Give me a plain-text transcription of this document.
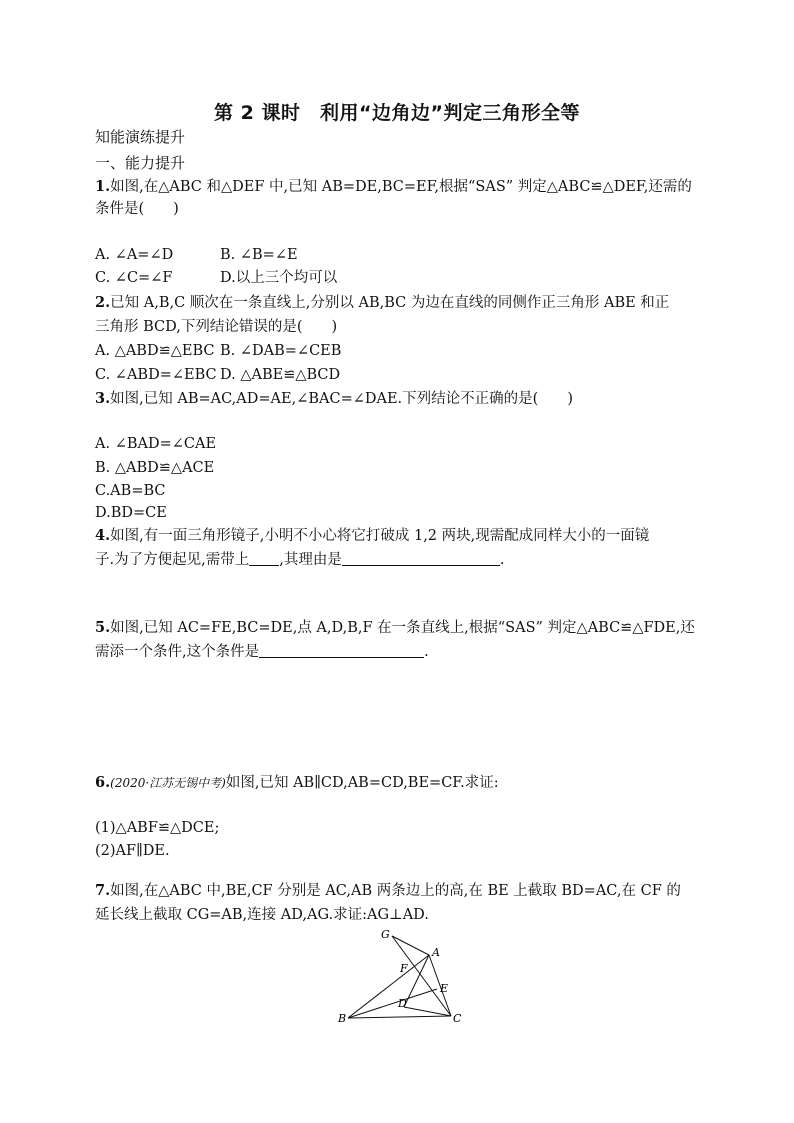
第 2 课时　利用“边角边”判定三角形全等
知能演练提升
一、能力提升
1.如图,在△ABC 和△DEF 中,已知 AB=DE,BC=EF,根据“SAS” 判定△ABC≌△DEF,还需的
条件是(　　)
A. ∠A=∠D	B. ∠B=∠E
C. ∠C=∠F	D.以上三个均可以
2.已知 A,B,C 顺次在一条直线上,分别以 AB,BC 为边在直线的同侧作正三角形 ABE 和正
三角形 BCD,下列结论错误的是(　　)
A. △ABD≌△EBC B. ∠DAB=∠CEB
C. ∠ABD=∠EBC D. △ABE≌△BCD
3.如图,已知 AB=AC,AD=AE,∠BAC=∠DAE.下列结论不正确的是(　　)
A. ∠BAD=∠CAE
B. △ABD≌△ACE
C.AB=BC
D.BD=CE
4.如图,有一面三角形镜子,小明不小心将它打破成 1,2 两块,现需配成同样大小的一面镜
子.为了方便起见,需带上 ,其理由是	.
5.如图,已知 AC=FE,BC=DE,点 A,D,B,F 在一条直线上,根据“SAS” 判定△ABC≌△FDE,还
需添一个条件,这个条件是	.
6.(2020·江苏无锡中考)如图,已知 AB∥CD,AB=CD,BE=CF.求证:
(1)△ABF≌△DCE;
(2)AF∥DE.
7.如图,在△ABC 中,BE,CF 分别是 AC,AB 两条边上的高,在 BE 上截取 BD=AC,在 CF 的
延长线上截取 CG=AB,连接 AD,AG.求证:AG⊥AD.
G
A
F
E
D
B	C
